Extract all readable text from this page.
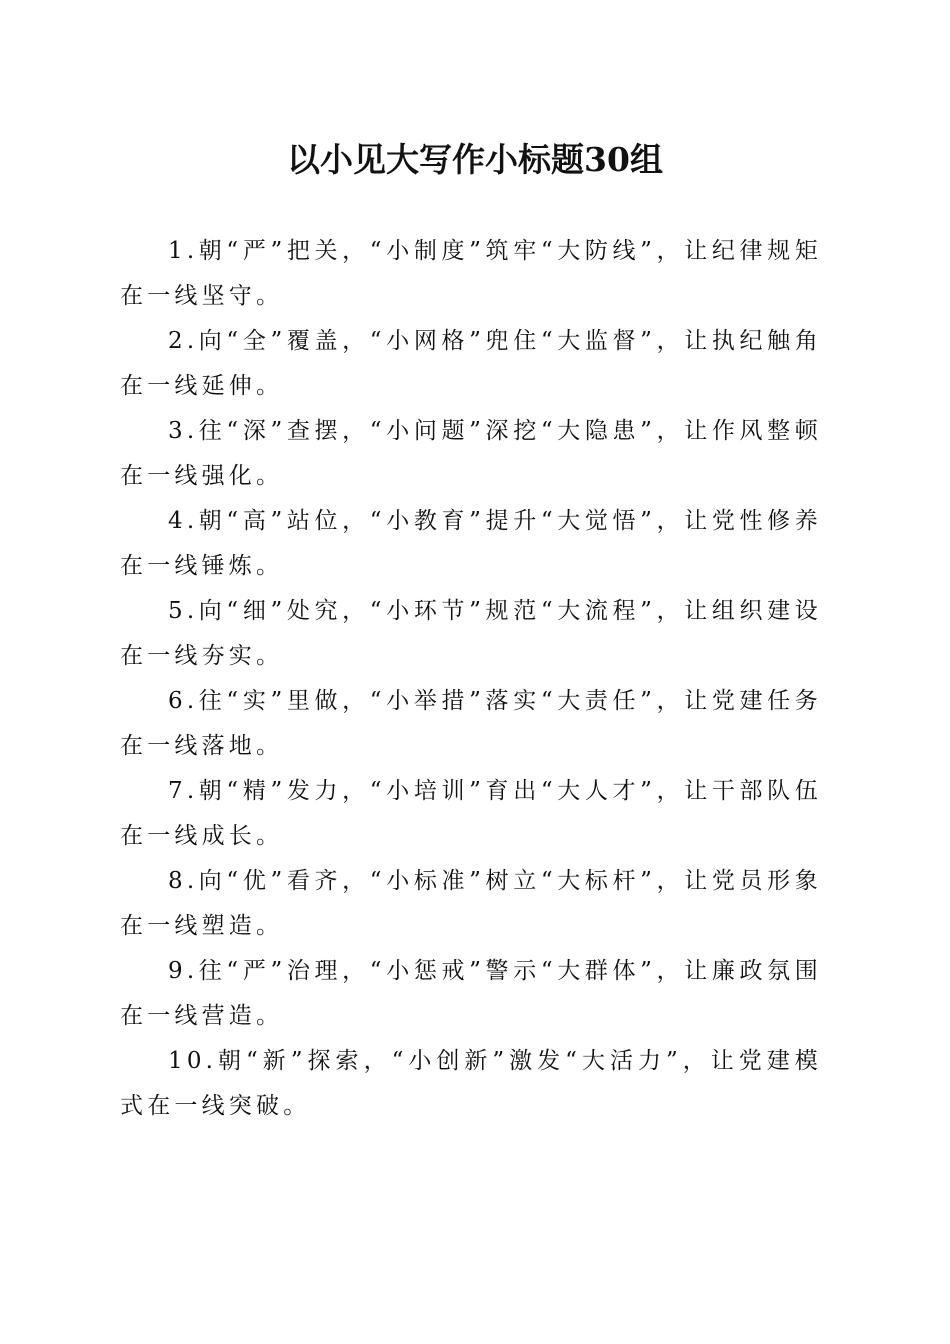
以小见大写作小标题30组

1.朝“严”把关，“小制度”筑牢“大防线”，让纪律规矩在一线坚守。

2.向“全”覆盖，“小网格”兜住“大监督”，让执纪触角在一线延伸。

3.往“深”查摆，“小问题”深挖“大隐患”，让作风整顿在一线强化。

4.朝“高”站位，“小教育”提升“大觉悟”，让党性修养在一线锤炼。

5.向“细”处究，“小环节”规范“大流程”，让组织建设在一线夯实。

6.往“实”里做，“小举措”落实“大责任”，让党建任务在一线落地。

7.朝“精”发力，“小培训”育出“大人才”，让干部队伍在一线成长。

8.向“优”看齐，“小标准”树立“大标杆”，让党员形象在一线塑造。

9.往“严”治理，“小惩戒”警示“大群体”，让廉政氛围在一线营造。

10.朝“新”探索，“小创新”激发“大活力”，让党建模式在一线突破。
